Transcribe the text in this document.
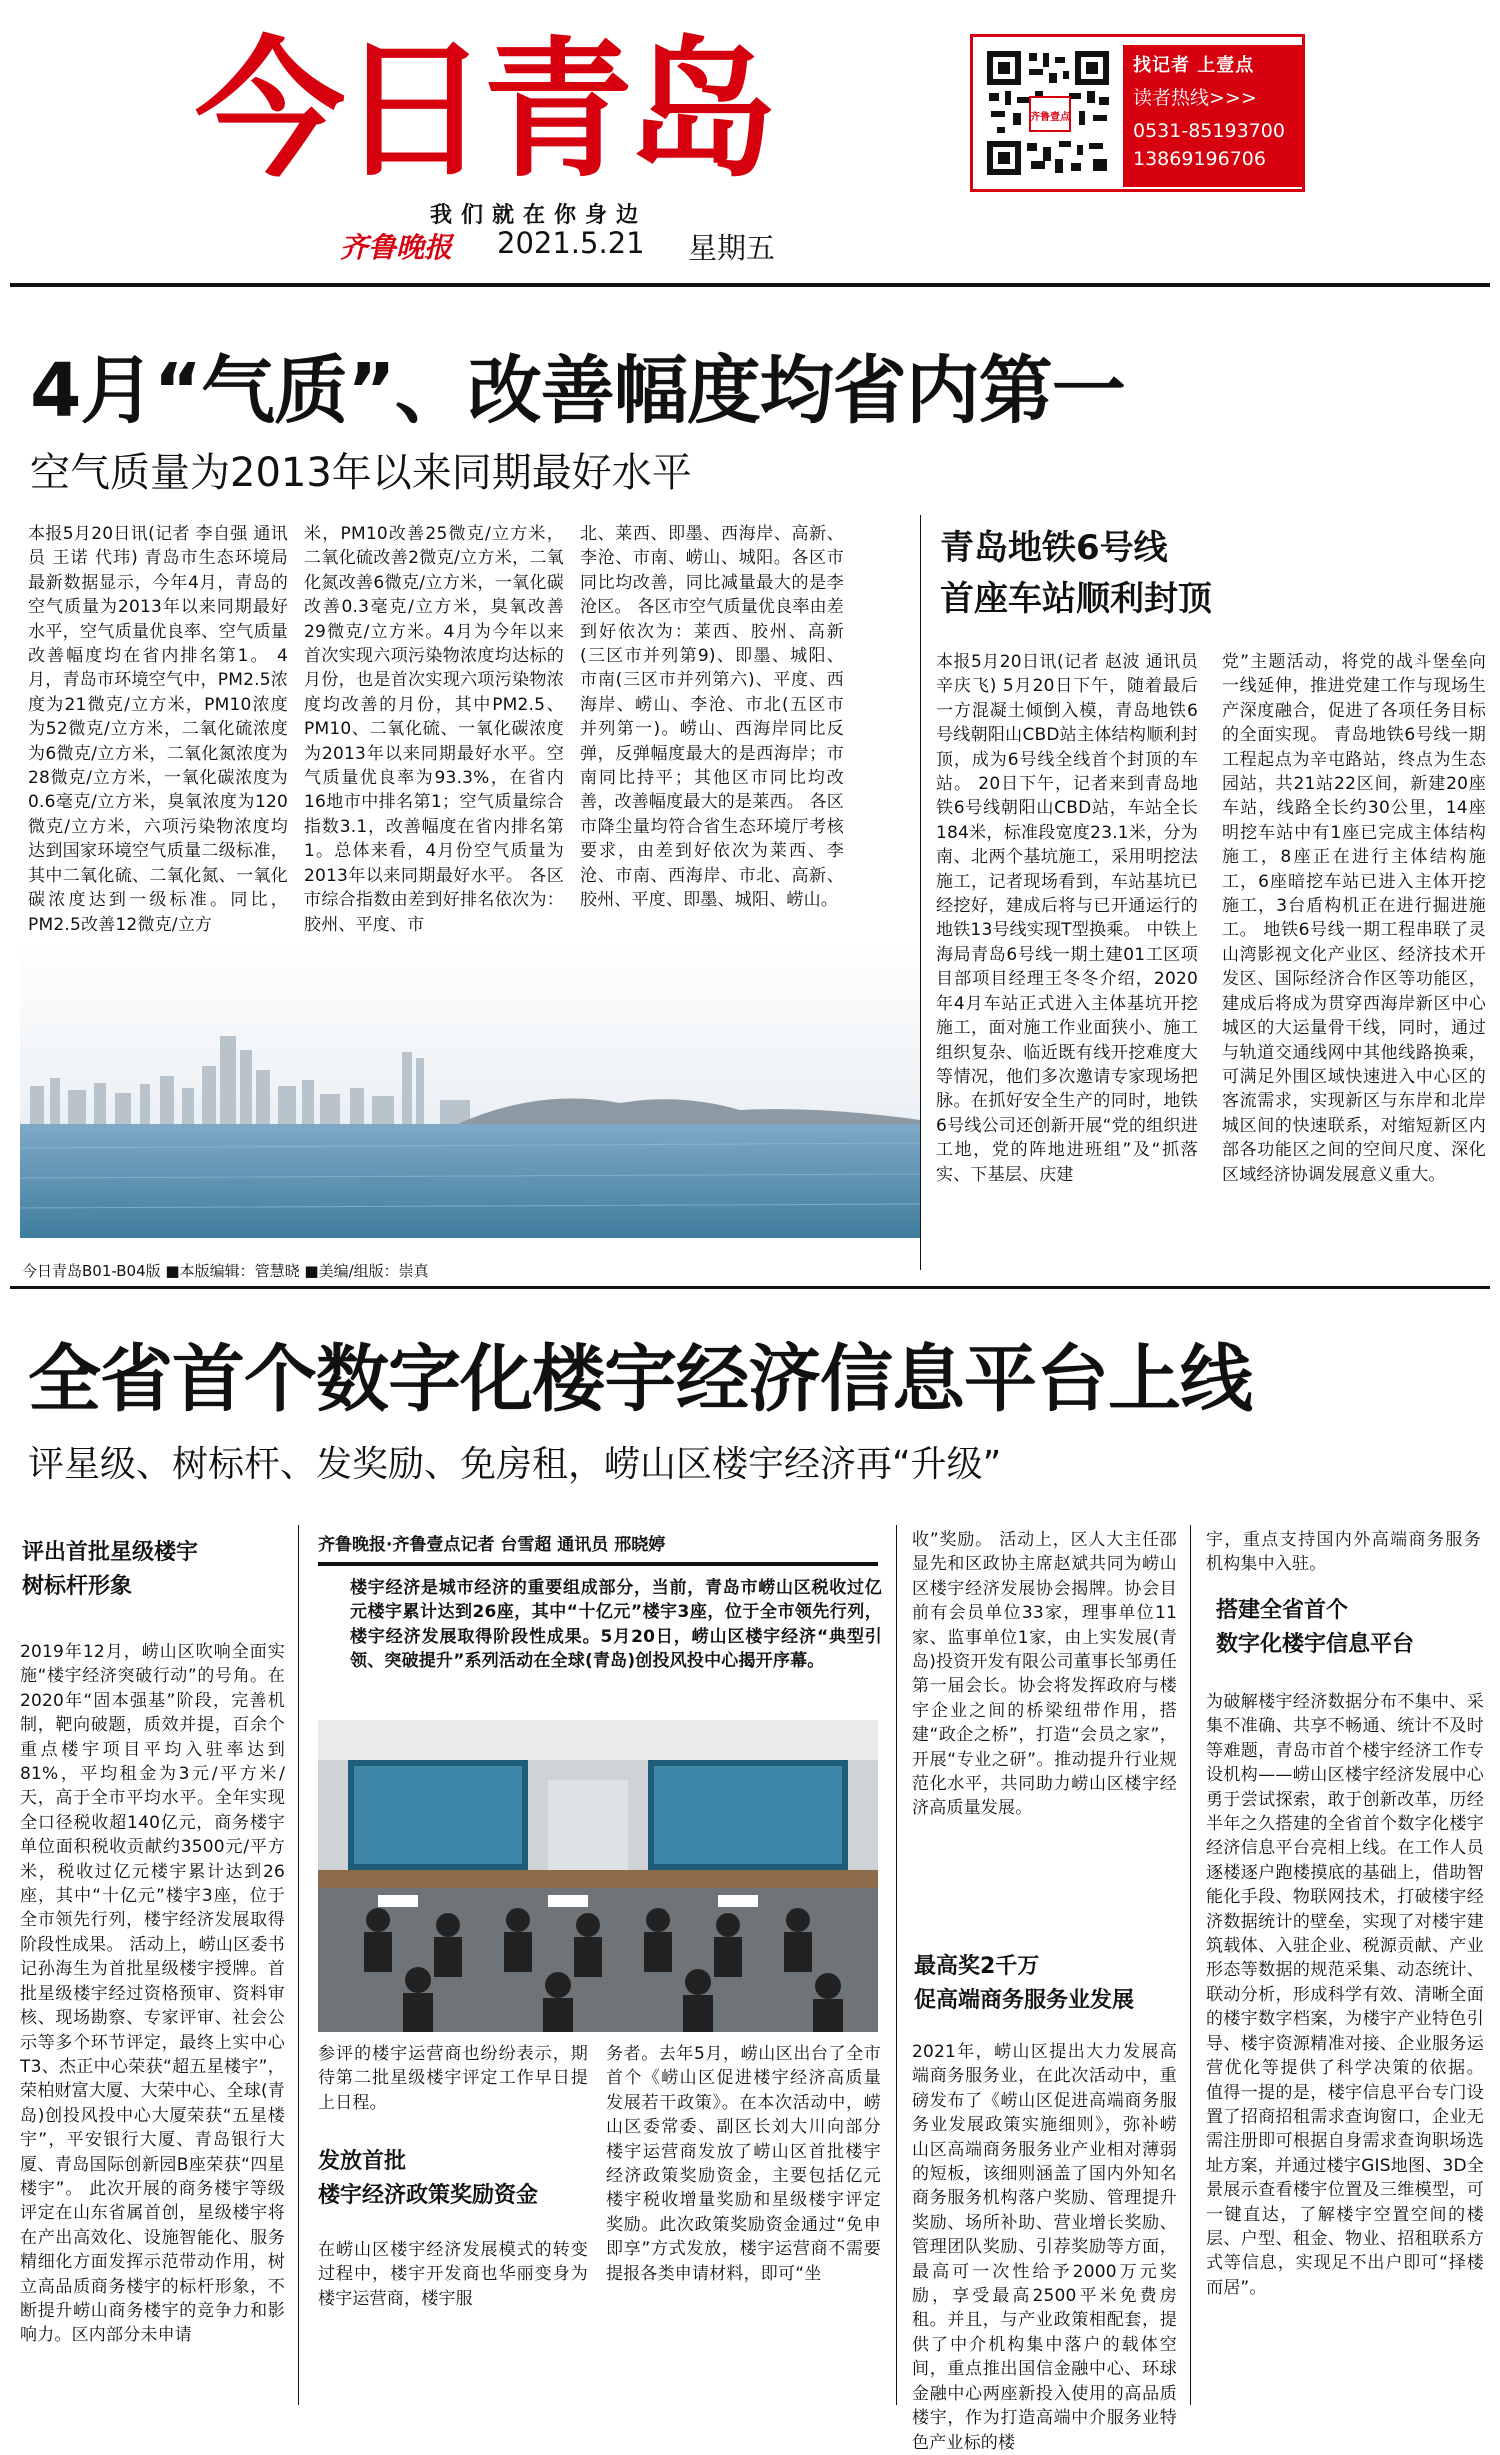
今日青岛
我们就在你身边
齐鲁晚报 2021.5.21 星期五
齐鲁壹点
找记者 上壹点
读者热线>>>
0531-85193700
13869196706
4月“气质”、改善幅度均省内第一
空气质量为2013年以来同期最好水平
本报5月20日讯(记者 李自强 通讯员 王诺 代玮) 青岛市生态环境局最新数据显示，今年4月，青岛的空气质量为2013年以来同期最好水平，空气质量优良率、空气质量改善幅度均在省内排名第1。 4月，青岛市环境空气中，PM2.5浓度为21微克/立方米，PM10浓度为52微克/立方米，二氧化硫浓度为6微克/立方米，二氧化氮浓度为28微克/立方米，一氧化碳浓度为0.6毫克/立方米，臭氧浓度为120微克/立方米，六项污染物浓度均达到国家环境空气质量二级标准，其中二氧化硫、二氧化氮、一氧化碳浓度达到一级标准。同比，PM2.5改善12微克/立方
米，PM10改善25微克/立方米，二氧化硫改善2微克/立方米，二氧化氮改善6微克/立方米，一氧化碳改善0.3毫克/立方米，臭氧改善29微克/立方米。4月为今年以来首次实现六项污染物浓度均达标的月份，也是首次实现六项污染物浓度均改善的月份，其中PM2.5、PM10、二氧化硫、一氧化碳浓度为2013年以来同期最好水平。空气质量优良率为93.3%，在省内16地市中排名第1；空气质量综合指数3.1，改善幅度在省内排名第1。总体来看，4月份空气质量为2013年以来同期最好水平。 各区市综合指数由差到好排名依次为：胶州、平度、市
北、莱西、即墨、西海岸、高新、李沧、市南、崂山、城阳。各区市同比均改善，同比减量最大的是李沧区。 各区市空气质量优良率由差到好依次为：莱西、胶州、高新(三区市并列第9)、即墨、城阳、市南(三区市并列第六)、平度、西海岸、崂山、李沧、市北(五区市并列第一)。崂山、西海岸同比反弹，反弹幅度最大的是西海岸；市南同比持平；其他区市同比均改善，改善幅度最大的是莱西。 各区市降尘量均符合省生态环境厅考核要求，由差到好依次为莱西、李沧、市南、西海岸、市北、高新、胶州、平度、即墨、城阳、崂山。
青岛地铁6号线
首座车站顺利封顶
本报5月20日讯(记者 赵波 通讯员 辛庆飞) 5月20日下午，随着最后一方混凝土倾倒入模，青岛地铁6号线朝阳山CBD站主体结构顺利封顶，成为6号线全线首个封顶的车站。 20日下午，记者来到青岛地铁6号线朝阳山CBD站，车站全长184米，标准段宽度23.1米，分为南、北两个基坑施工，采用明挖法施工，记者现场看到，车站基坑已经挖好，建成后将与已开通运行的地铁13号线实现T型换乘。 中铁上海局青岛6号线一期土建01工区项目部项目经理王冬冬介绍，2020年4月车站正式进入主体基坑开挖施工，面对施工作业面狭小、施工组织复杂、临近既有线开挖难度大等情况，他们多次邀请专家现场把脉。在抓好安全生产的同时，地铁6号线公司还创新开展“党的组织进工地，党的阵地进班组”及“抓落实、下基层、庆建
党”主题活动，将党的战斗堡垒向一线延伸，推进党建工作与现场生产深度融合，促进了各项任务目标的全面实现。 青岛地铁6号线一期工程起点为辛屯路站，终点为生态园站，共21站22区间，新建20座车站，线路全长约30公里，14座明挖车站中有1座已完成主体结构施工，8座正在进行主体结构施工，6座暗挖车站已进入主体开挖施工，3台盾构机正在进行掘进施工。 地铁6号线一期工程串联了灵山湾影视文化产业区、经济技术开发区、国际经济合作区等功能区，建成后将成为贯穿西海岸新区中心城区的大运量骨干线，同时，通过与轨道交通线网中其他线路换乘，可满足外围区域快速进入中心区的客流需求，实现新区与东岸和北岸城区间的快速联系，对缩短新区内部各功能区之间的空间尺度、深化区域经济协调发展意义重大。
今日青岛B01-B04版 ■本版编辑：管慧晓 ■美编/组版：崇真
全省首个数字化楼宇经济信息平台上线
评星级、树标杆、发奖励、免房租，崂山区楼宇经济再“升级”
评出首批星级楼宇
树标杆形象
2019年12月，崂山区吹响全面实施“楼宇经济突破行动”的号角。在2020年“固本强基”阶段，完善机制，靶向破题，质效并提，百余个重点楼宇项目平均入驻率达到81%，平均租金为3元/平方米/天，高于全市平均水平。全年实现全口径税收超140亿元，商务楼宇单位面积税收贡献约3500元/平方米，税收过亿元楼宇累计达到26座，其中“十亿元”楼宇3座，位于全市领先行列，楼宇经济发展取得阶段性成果。 活动上，崂山区委书记孙海生为首批星级楼宇授牌。首批星级楼宇经过资格预审、资料审核、现场勘察、专家评审、社会公示等多个环节评定，最终上实中心T3、杰正中心荣获“超五星楼宇”，荣柏财富大厦、大荣中心、全球(青岛)创投风投中心大厦荣获“五星楼宇”，平安银行大厦、青岛银行大厦、青岛国际创新园B座荣获“四星楼宇”。 此次开展的商务楼宇等级评定在山东省属首创，星级楼宇将在产出高效化、设施智能化、服务精细化方面发挥示范带动作用，树立高品质商务楼宇的标杆形象，不断提升崂山商务楼宇的竞争力和影响力。区内部分未申请
齐鲁晚报·齐鲁壹点记者 台雪超 通讯员 邢晓婷
楼宇经济是城市经济的重要组成部分，当前，青岛市崂山区税收过亿元楼宇累计达到26座，其中“十亿元”楼宇3座，位于全市领先行列，楼宇经济发展取得阶段性成果。5月20日，崂山区楼宇经济“典型引领、突破提升”系列活动在全球(青岛)创投风投中心揭开序幕。
参评的楼宇运营商也纷纷表示，期待第二批星级楼宇评定工作早日提上日程。
发放首批
楼宇经济政策奖励资金
在崂山区楼宇经济发展模式的转变过程中，楼宇开发商也华丽变身为楼宇运营商，楼宇服
务者。去年5月，崂山区出台了全市首个《崂山区促进楼宇经济高质量发展若干政策》。在本次活动中，崂山区委常委、副区长刘大川向部分楼宇运营商发放了崂山区首批楼宇经济政策奖励资金，主要包括亿元楼宇税收增量奖励和星级楼宇评定奖励。此次政策奖励资金通过“免申即享”方式发放，楼宇运营商不需要提报各类申请材料，即可“坐
收”奖励。 活动上，区人大主任邵显先和区政协主席赵斌共同为崂山区楼宇经济发展协会揭牌。协会目前有会员单位33家，理事单位11家、监事单位1家，由上实发展(青岛)投资开发有限公司董事长邹勇任第一届会长。协会将发挥政府与楼宇企业之间的桥梁纽带作用，搭建“政企之桥”，打造“会员之家”，开展“专业之研”。推动提升行业规范化水平，共同助力崂山区楼宇经济高质量发展。
最高奖2千万
促高端商务服务业发展
2021年，崂山区提出大力发展高端商务服务业，在此次活动中，重磅发布了《崂山区促进高端商务服务业发展政策实施细则》，弥补崂山区高端商务服务业产业相对薄弱的短板，该细则涵盖了国内外知名商务服务机构落户奖励、管理提升奖励、场所补助、营业增长奖励、管理团队奖励、引荐奖励等方面，最高可一次性给予2000万元奖励，享受最高2500平米免费房租。并且，与产业政策相配套，提供了中介机构集中落户的载体空间，重点推出国信金融中心、环球金融中心两座新投入使用的高品质楼宇，作为打造高端中介服务业特色产业标的楼
宇，重点支持国内外高端商务服务机构集中入驻。
搭建全省首个
数字化楼宇信息平台
为破解楼宇经济数据分布不集中、采集不准确、共享不畅通、统计不及时等难题，青岛市首个楼宇经济工作专设机构——崂山区楼宇经济发展中心勇于尝试探索，敢于创新改革，历经半年之久搭建的全省首个数字化楼宇经济信息平台亮相上线。在工作人员逐楼逐户跑楼摸底的基础上，借助智能化手段、物联网技术，打破楼宇经济数据统计的壁垒，实现了对楼宇建筑载体、入驻企业、税源贡献、产业形态等数据的规范采集、动态统计、联动分析，形成科学有效、清晰全面的楼宇数字档案，为楼宇产业特色引导、楼宇资源精准对接、企业服务运营优化等提供了科学决策的依据。 值得一提的是，楼宇信息平台专门设置了招商招租需求查询窗口，企业无需注册即可根据自身需求查询职场选址方案，并通过楼宇GIS地图、3D全景展示查看楼宇位置及三维模型，可一键直达，了解楼宇空置空间的楼层、户型、租金、物业、招租联系方式等信息，实现足不出户即可“择楼而居”。
